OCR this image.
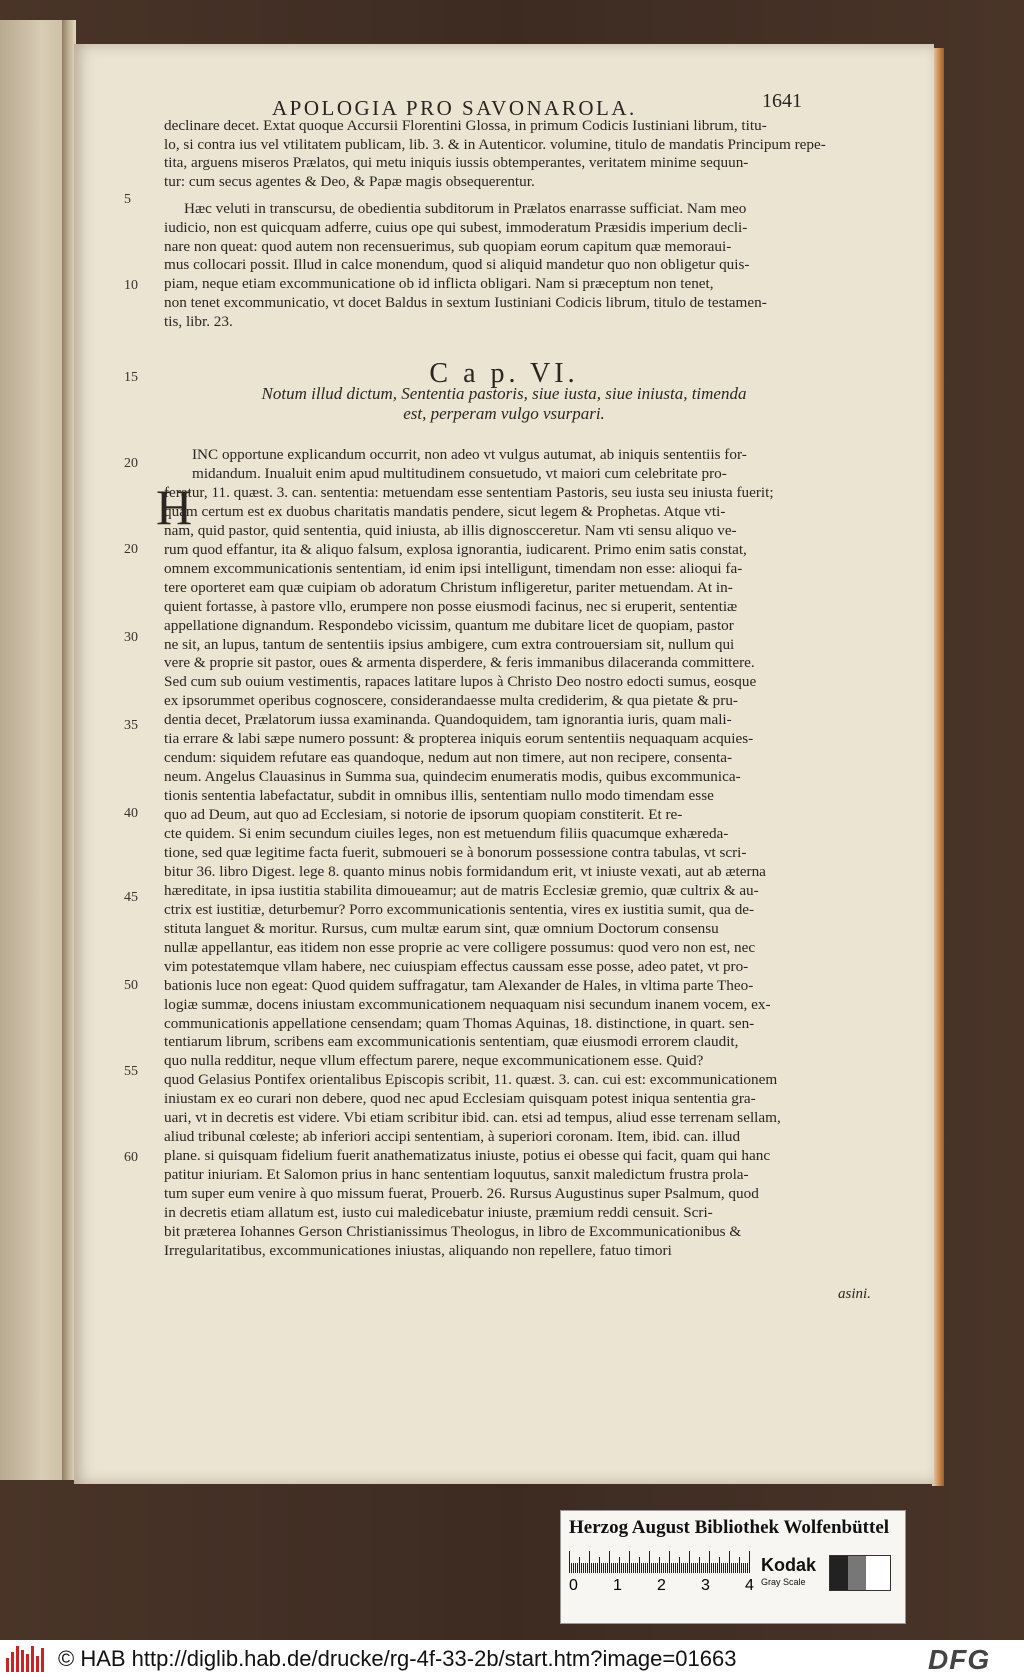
APOLOGIA PRO SAVONAROLA.	1641
declinare decet. Extat quoque Accursii Florentini Glossa, in primum Codicis Iustiniani librum, titu-
lo, si contra ius vel vtilitatem publicam, lib. 3. & in Autenticor. volumine, titulo de mandatis Principum repe-
tita, arguens miseros Prælatos, qui metu iniquis iussis obtemperantes, veritatem minime sequun-
tur: cum secus agentes & Deo, & Papæ magis obsequerentur.
Hæc veluti in transcursu, de obedientia subditorum in Prælatos enarrasse sufficiat. Nam meo
iudicio, non est quicquam adferre, cuius ope qui subest, immoderatum Præsidis imperium decli-
nare non queat: quod autem non recensuerimus, sub quopiam eorum capitum quæ memoraui-
mus collocari possit. Illud in calce monendum, quod si aliquid mandetur quo non obligetur quis-
piam, neque etiam excommunicatione ob id inflicta obligari. Nam si præceptum non tenet,
non tenet excommunicatio, vt docet Baldus in sextum Iustiniani Codicis librum, titulo de testamen-
tis, libr. 23.
INC opportune explicandum occurrit, non adeo vt vulgus autumat, ab iniquis sententiis for-
midandum. Inualuit enim apud multitudinem consuetudo, vt maiori cum celebritate pro-
feratur, 11. quæst. 3. can. sententia: metuendam esse sententiam Pastoris, seu iusta seu iniusta fuerit;
quam certum est ex duobus charitatis mandatis pendere, sicut legem & Prophetas. Atque vti-
nam, quid pastor, quid sententia, quid iniusta, ab illis dignoscceretur. Nam vti sensu aliquo ve-
rum quod effantur, ita & aliquo falsum, explosa ignorantia, iudicarent. Primo enim satis constat,
omnem excommunicationis sententiam, id enim ipsi intelligunt, timendam non esse: alioqui fa-
tere oporteret eam quæ cuipiam ob adoratum Christum infligeretur, pariter metuendam. At in-
quient fortasse, à pastore vllo, erumpere non posse eiusmodi facinus, nec si eruperit, sententiæ
appellatione dignandum. Respondebo vicissim, quantum me dubitare licet de quopiam, pastor
ne sit, an lupus, tantum de sententiis ipsius ambigere, cum extra controuersiam sit, nullum qui
vere & proprie sit pastor, oues & armenta disperdere, & feris immanibus dilaceranda committere.
Sed cum sub ouium vestimentis, rapaces latitare lupos à Christo Deo nostro edocti sumus, eosque
ex ipsorummet operibus cognoscere, considerandaesse multa crediderim, & qua pietate & pru-
dentia decet, Prælatorum iussa examinanda. Quandoquidem, tam ignorantia iuris, quam mali-
tia errare & labi sæpe numero possunt: & propterea iniquis eorum sententiis nequaquam acquies-
cendum: siquidem refutare eas quandoque, nedum aut non timere, aut non recipere, consenta-
neum. Angelus Clauasinus in Summa sua, quindecim enumeratis modis, quibus excommunica-
tionis sententia labefactatur, subdit in omnibus illis, sententiam nullo modo timendam esse
quo ad Deum, aut quo ad Ecclesiam, si notorie de ipsorum quopiam constiterit. Et re-
cte quidem. Si enim secundum ciuiles leges, non est metuendum filiis quacumque exhæreda-
tione, sed quæ legitime facta fuerit, submoueri se à bonorum possessione contra tabulas, vt scri-
bitur 36. libro Digest. lege 8. quanto minus nobis formidandum erit, vt iniuste vexati, aut ab æterna
hæreditate, in ipsa iustitia stabilita dimoueamur; aut de matris Ecclesiæ gremio, quæ cultrix & au-
ctrix est iustitiæ, deturbemur? Porro excommunicationis sententia, vires ex iustitia sumit, qua de-
stituta languet & moritur. Rursus, cum multæ earum sint, quæ omnium Doctorum consensu
nullæ appellantur, eas itidem non esse proprie ac vere colligere possumus: quod vero non est, nec
vim potestatemque vllam habere, nec cuiuspiam effectus caussam esse posse, adeo patet, vt pro-
bationis luce non egeat: Quod quidem suffragatur, tam Alexander de Hales, in vltima parte Theo-
logiæ summæ, docens iniustam excommunicationem nequaquam nisi secundum inanem vocem, ex-
communicationis appellatione censendam; quam Thomas Aquinas, 18. distinctione, in quart. sen-
tentiarum librum, scribens eam excommunicationis sententiam, quæ eiusmodi errorem claudit,
quo nulla redditur, neque vllum effectum parere, neque excommunicationem esse. Quid?
quod Gelasius Pontifex orientalibus Episcopis scribit, 11. quæst. 3. can. cui est: excommunicationem
iniustam ex eo curari non debere, quod nec apud Ecclesiam quisquam potest iniqua sententia gra-
uari, vt in decretis est videre. Vbi etiam scribitur ibid. can. etsi ad tempus, aliud esse terrenam sellam,
aliud tribunal cœleste; ab inferiori accipi sententiam, à superiori coronam. Item, ibid. can. illud
plane. si quisquam fidelium fuerit anathematizatus iniuste, potius ei obesse qui facit, quam qui hanc
patitur iniuriam. Et Salomon prius in hanc sententiam loquutus, sanxit maledictum frustra prola-
tum super eum venire à quo missum fuerat, Prouerb. 26. Rursus Augustinus super Psalmum, quod
in decretis etiam allatum est, iusto cui maledicebatur iniuste, præmium reddi censuit. Scri-
bit præterea Iohannes Gerson Christianissimus Theologus, in libro de Excommunicationibus &
Irregularitatibus, excommunicationes iniustas, aliquando non repellere, fatuo timori
5
10
15
20
20
30
35
40
45
50
55
60
C a p. VI.
Notum illud dictum, Sententia pastoris, siue iusta, siue iniusta, timenda
est, perperam vulgo vsurpari.
H
asini.
Herzog August Bibliothek Wolfenbüttel
0 1 2 3 4
Kodak
Gray Scale
© HAB http://diglib.hab.de/drucke/rg-4f-33-2b/start.htm?image=01663	DFG
